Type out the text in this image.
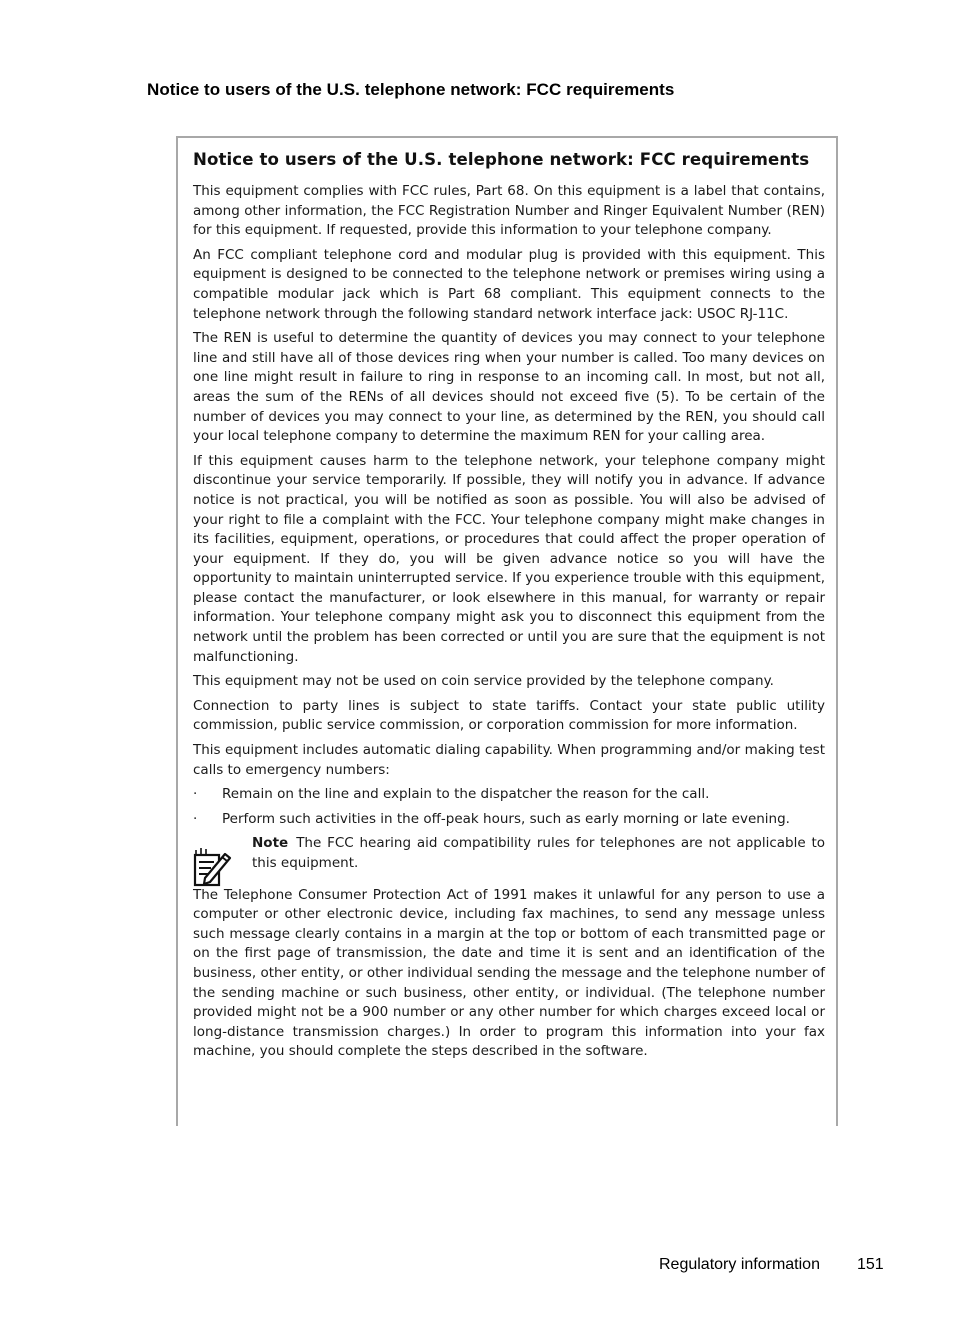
Notice to users of the U.S. telephone network: FCC requirements
Notice to users of the U.S. telephone network: FCC requirements

This equipment complies with FCC rules, Part 68. On this equipment is a label that contains, among other information, the FCC Registration Number and Ringer Equivalent Number (REN) for this equipment. If requested, provide this information to your telephone company.

An FCC compliant telephone cord and modular plug is provided with this equipment. This equipment is designed to be connected to the telephone network or premises wiring using a compatible modular jack which is Part 68 compliant. This equipment connects to the telephone network through the following standard network interface jack: USOC RJ-11C.

The REN is useful to determine the quantity of devices you may connect to your telephone line and still have all of those devices ring when your number is called. Too many devices on one line might result in failure to ring in response to an incoming call. In most, but not all, areas the sum of the RENs of all devices should not exceed five (5). To be certain of the number of devices you may connect to your line, as determined by the REN, you should call your local telephone company to determine the maximum REN for your calling area.

If this equipment causes harm to the telephone network, your telephone company might discontinue your service temporarily. If possible, they will notify you in advance. If advance notice is not practical, you will be notified as soon as possible. You will also be advised of your right to file a complaint with the FCC. Your telephone company might make changes in its facilities, equipment, operations, or procedures that could affect the proper operation of your equipment. If they do, you will be given advance notice so you will have the opportunity to maintain uninterrupted service. If you experience trouble with this equipment, please contact the manufacturer, or look elsewhere in this manual, for warranty or repair information. Your telephone company might ask you to disconnect this equipment from the network until the problem has been corrected or until you are sure that the equipment is not malfunctioning.

This equipment may not be used on coin service provided by the telephone company.

Connection to party lines is subject to state tariffs. Contact your state public utility commission, public service commission, or corporation commission for more information.

This equipment includes automatic dialing capability. When programming and/or making test calls to emergency numbers:

· Remain on the line and explain to the dispatcher the reason for the call.
· Perform such activities in the off-peak hours, such as early morning or late evening.
Note The FCC hearing aid compatibility rules for telephones are not applicable to this equipment.

The Telephone Consumer Protection Act of 1991 makes it unlawful for any person to use a computer or other electronic device, including fax machines, to send any message unless such message clearly contains in a margin at the top or bottom of each transmitted page or on the first page of transmission, the date and time it is sent and an identification of the business, other entity, or other individual sending the message and the telephone number of the sending machine or such business, other entity, or individual. (The telephone number provided might not be a 900 number or any other number for which charges exceed local or long-distance transmission charges.) In order to program this information into your fax machine, you should complete the steps described in the software.

Regulatory information 151
